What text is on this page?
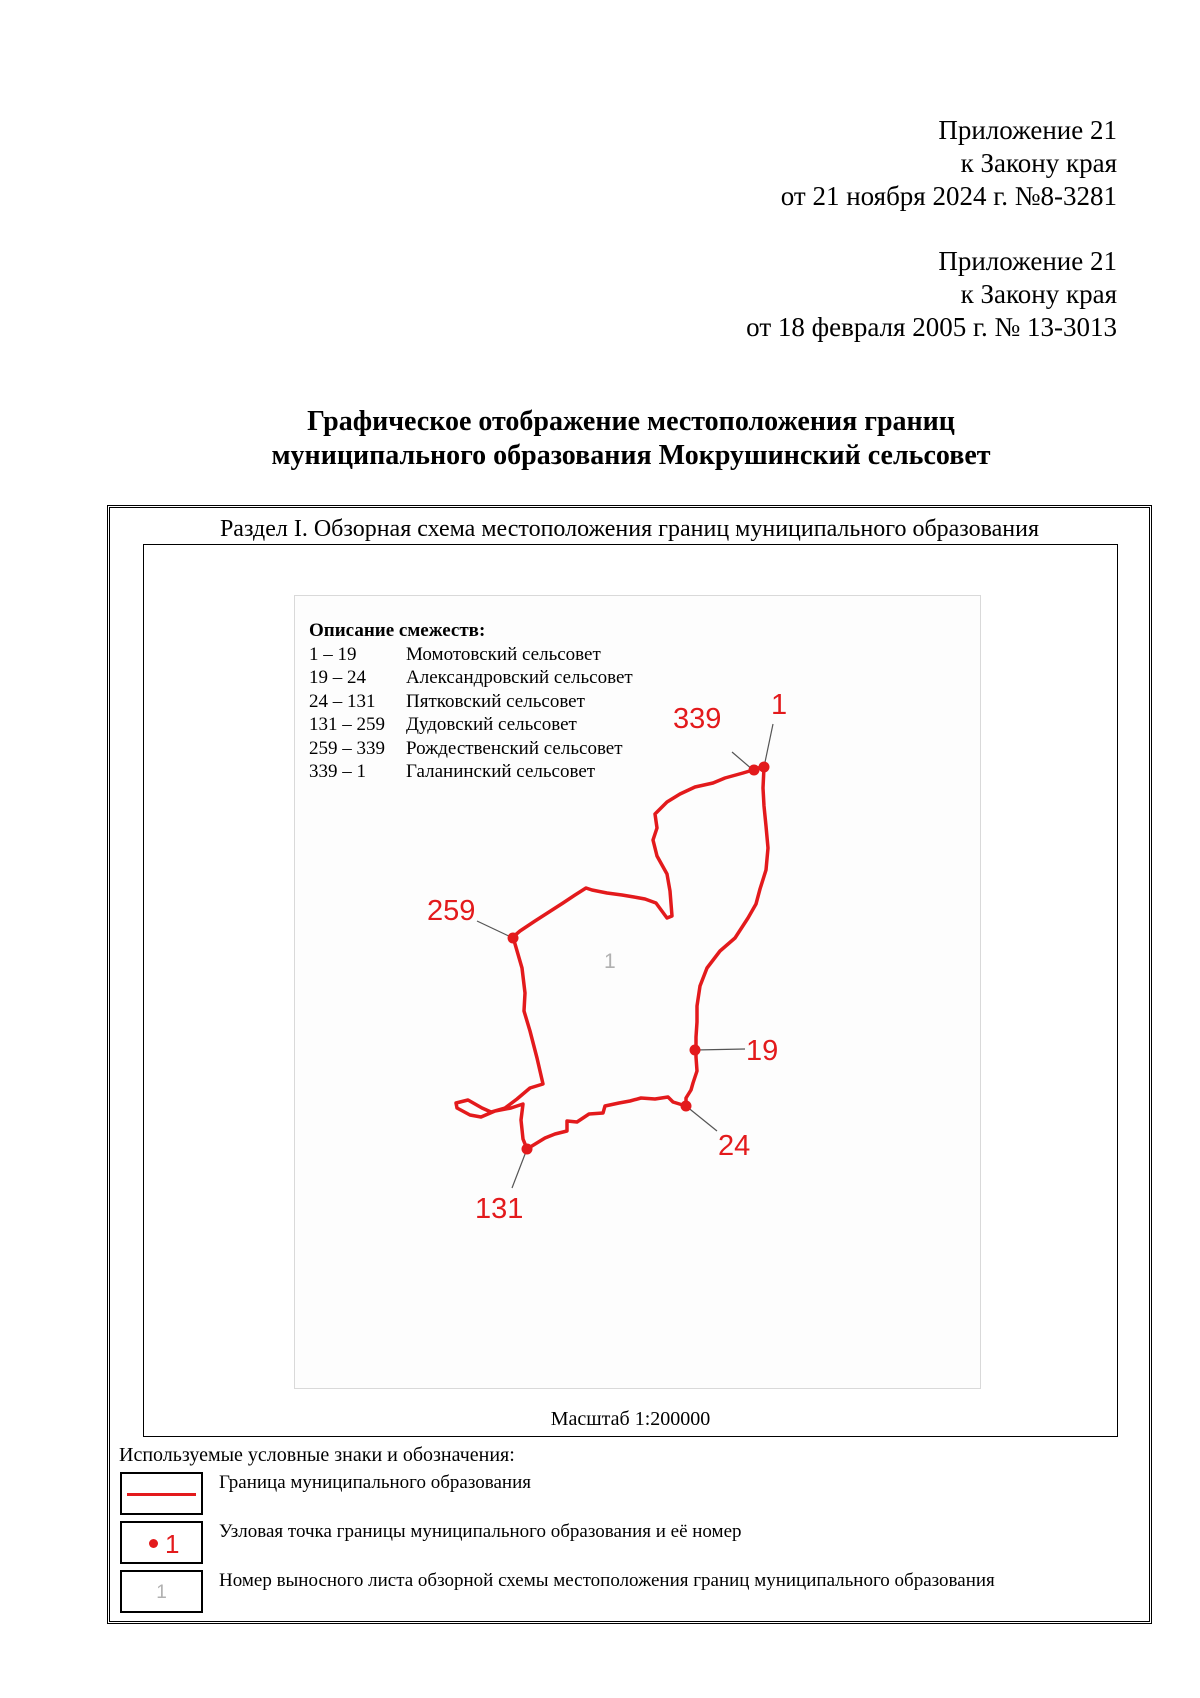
Приложение 21
к Закону края
от 21 ноября 2024 г. №8-3281
Приложение 21
к Закону края
от 18 февраля 2005 г. № 13-3013
Графическое отображение местоположения границ
муниципального образования Мокрушинский сельсовет
Раздел I. Обзорная схема местоположения границ муниципального образования
Описание смежеств:
1 – 19	Момотовский сельсовет
19 – 24	Александровский сельсовет
24 – 131	Пятковский сельсовет
131 – 259	Дудовский сельсовет
259 – 339	Рождественский сельсовет
339 – 1	Галанинский сельсовет
1
339
259
19
24
131
1
Масштаб 1:200000
Используемые условные знаки и обозначения:
Граница муниципального образования
1 Узловая точка границы муниципального образования и её номер
1
Номер выносного листа обзорной схемы местоположения границ муниципального образования
